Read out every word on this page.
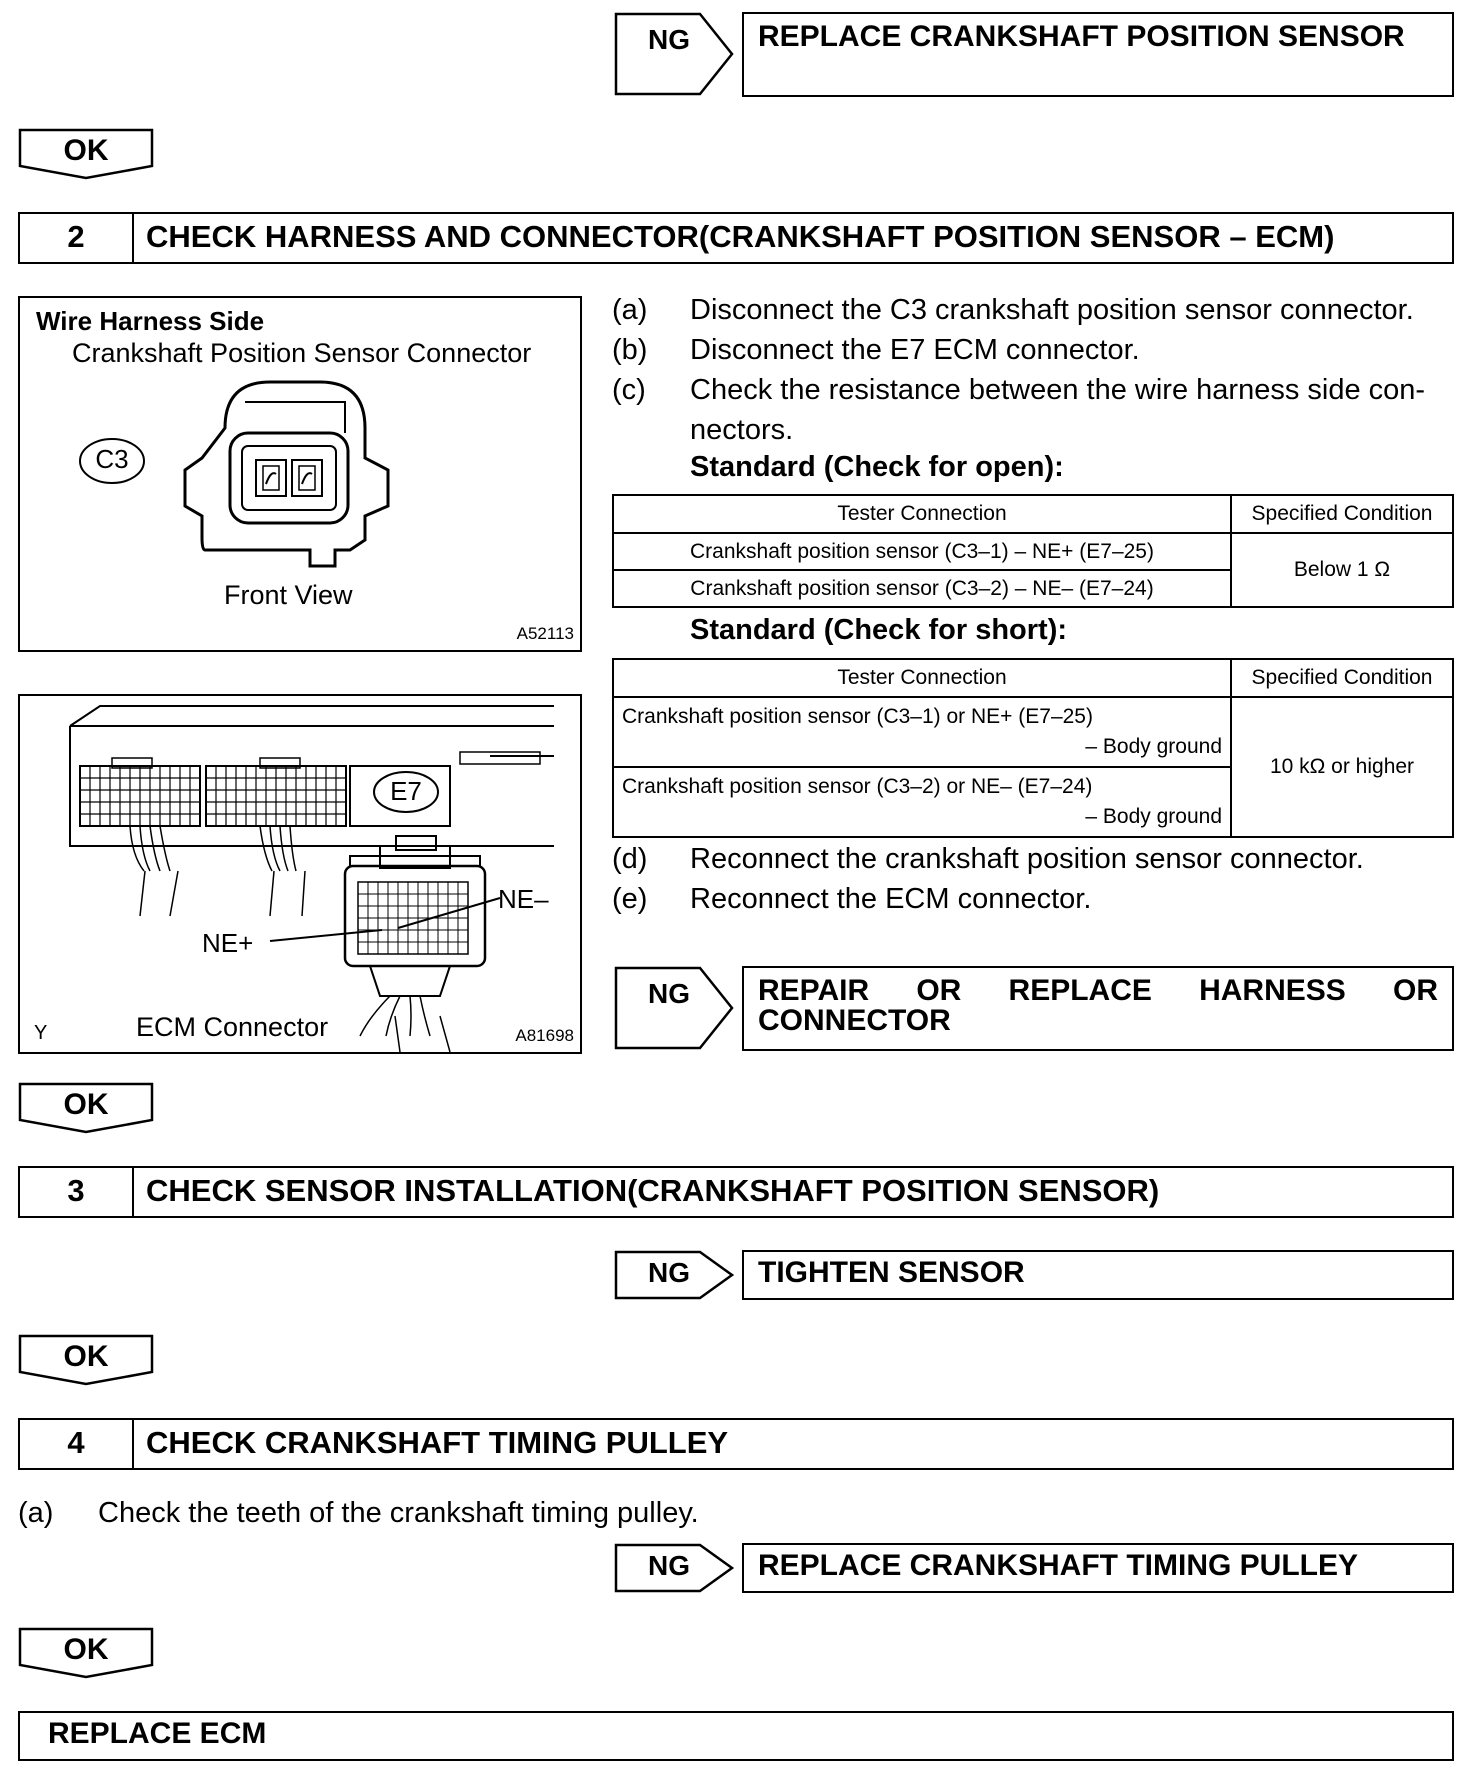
NG	REPLACE CRANKSHAFT POSITION SENSOR
OK
2	CHECK HARNESS AND CONNECTOR(CRANKSHAFT POSITION SENSOR – ECM)
Wire Harness Side
Crankshaft Position Sensor Connector
C3
Front View
A52113
E7
NE–
NE+
ECM Connector
Y	A81698
(a) Disconnect the C3 crankshaft position sensor connector.
(b) Disconnect the E7 ECM connector.
(c) Check the resistance between the wire harness side con-
nectors.
Standard (Check for open):
Tester Connection	Specified Condition
Crankshaft position sensor (C3–1) – NE+ (E7–25)	Below 1 Ω
Crankshaft position sensor (C3–2) – NE– (E7–24)	
Standard (Check for short):
Tester Connection	Specified Condition

Crankshaft position sensor (C3–1) or NE+ (E7–25)
– Body ground	10 kΩ or higher

Crankshaft position sensor (C3–2) or NE– (E7–24)
– Body ground	
(d) Reconnect the crankshaft position sensor connector.
(e) Reconnect the ECM connector.
NG	REPAIR OR REPLACE HARNESS OR
CONNECTOR
OK
3	CHECK SENSOR INSTALLATION(CRANKSHAFT POSITION SENSOR)
NG	TIGHTEN SENSOR
OK
4	CHECK CRANKSHAFT TIMING PULLEY
(a) Check the teeth of the crankshaft timing pulley.
NG	REPLACE CRANKSHAFT TIMING PULLEY
OK
REPLACE ECM
